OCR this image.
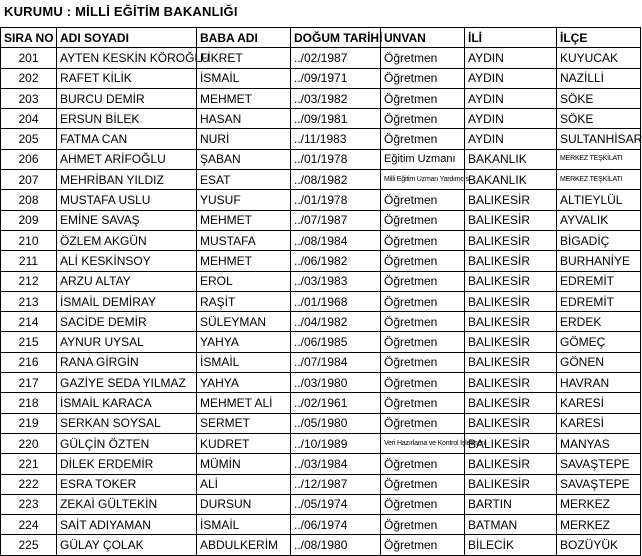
KURUMU : MİLLİ EĞİTİM BAKANLIĞI
SIRA NO	ADI SOYADI	BABA ADI	DOĞUM TARİHİ	UNVAN	İLİ	İLÇE
201	AYTEN KESKİN KÖROĞLU	FİKRET	../02/1987	Öğretmen	AYDIN	KUYUCAK
202	RAFET KİLİK	İSMAİL	../09/1971	Öğretmen	AYDIN	NAZİLLİ
203	BURCU DEMİR	MEHMET	../03/1982	Öğretmen	AYDIN	SÖKE
204	ERSUN BİLEK	HASAN	../09/1981	Öğretmen	AYDIN	SÖKE
205	FATMA CAN	NURİ	../11/1983	Öğretmen	AYDIN	SULTANHİSAR
206	AHMET ARİFOĞLU	ŞABAN	../01/1978	Eğitim Uzmanı	BAKANLIK	MERKEZ TEŞKİLATI
207	MEHRİBAN YILDIZ	ESAT	../08/1982	Milli Eğitim Uzman Yardımcısı	BAKANLIK	MERKEZ TEŞKİLATI
208	MUSTAFA USLU	YUSUF	../01/1978	Öğretmen	BALIKESİR	ALTIEYLÜL
209	EMİNE SAVAŞ	MEHMET	../07/1987	Öğretmen	BALIKESİR	AYVALIK
210	ÖZLEM AKGÜN	MUSTAFA	../08/1984	Öğretmen	BALIKESİR	BİGADİÇ
211	ALİ KESKİNSOY	MEHMET	../06/1982	Öğretmen	BALIKESİR	BURHANİYE
212	ARZU ALTAY	EROL	../03/1983	Öğretmen	BALIKESİR	EDREMİT
213	İSMAİL DEMİRAY	RAŞİT	../01/1968	Öğretmen	BALIKESİR	EDREMİT
214	SACİDE DEMİR	SÜLEYMAN	../04/1982	Öğretmen	BALIKESİR	ERDEK
215	AYNUR UYSAL	YAHYA	../06/1985	Öğretmen	BALIKESİR	GÖMEÇ
216	RANA GİRGİN	İSMAİL	../07/1984	Öğretmen	BALIKESİR	GÖNEN
217	GAZİYE SEDA YILMAZ	YAHYA	../03/1980	Öğretmen	BALIKESİR	HAVRAN
218	İSMAİL KARACA	MEHMET ALİ	../02/1961	Öğretmen	BALIKESİR	KARESİ
219	SERKAN SOYSAL	SERMET	../05/1980	Öğretmen	BALIKESİR	KARESİ
220	GÜLÇİN ÖZTEN	KUDRET	../10/1989	Veri Hazırlama ve Kontrol İşletmeni	BALIKESİR	MANYAS
221	DİLEK ERDEMİR	MÜMİN	../03/1984	Öğretmen	BALIKESİR	SAVAŞTEPE
222	ESRA TOKER	ALİ	../12/1987	Öğretmen	BALIKESİR	SAVAŞTEPE
223	ZEKAİ GÜLTEKİN	DURSUN	../05/1974	Öğretmen	BARTIN	MERKEZ
224	SAİT ADIYAMAN	İSMAİL	../06/1974	Öğretmen	BATMAN	MERKEZ
225	GÜLAY ÇOLAK	ABDULKERİM	../08/1980	Öğretmen	BİLECİK	BOZÜYÜK
